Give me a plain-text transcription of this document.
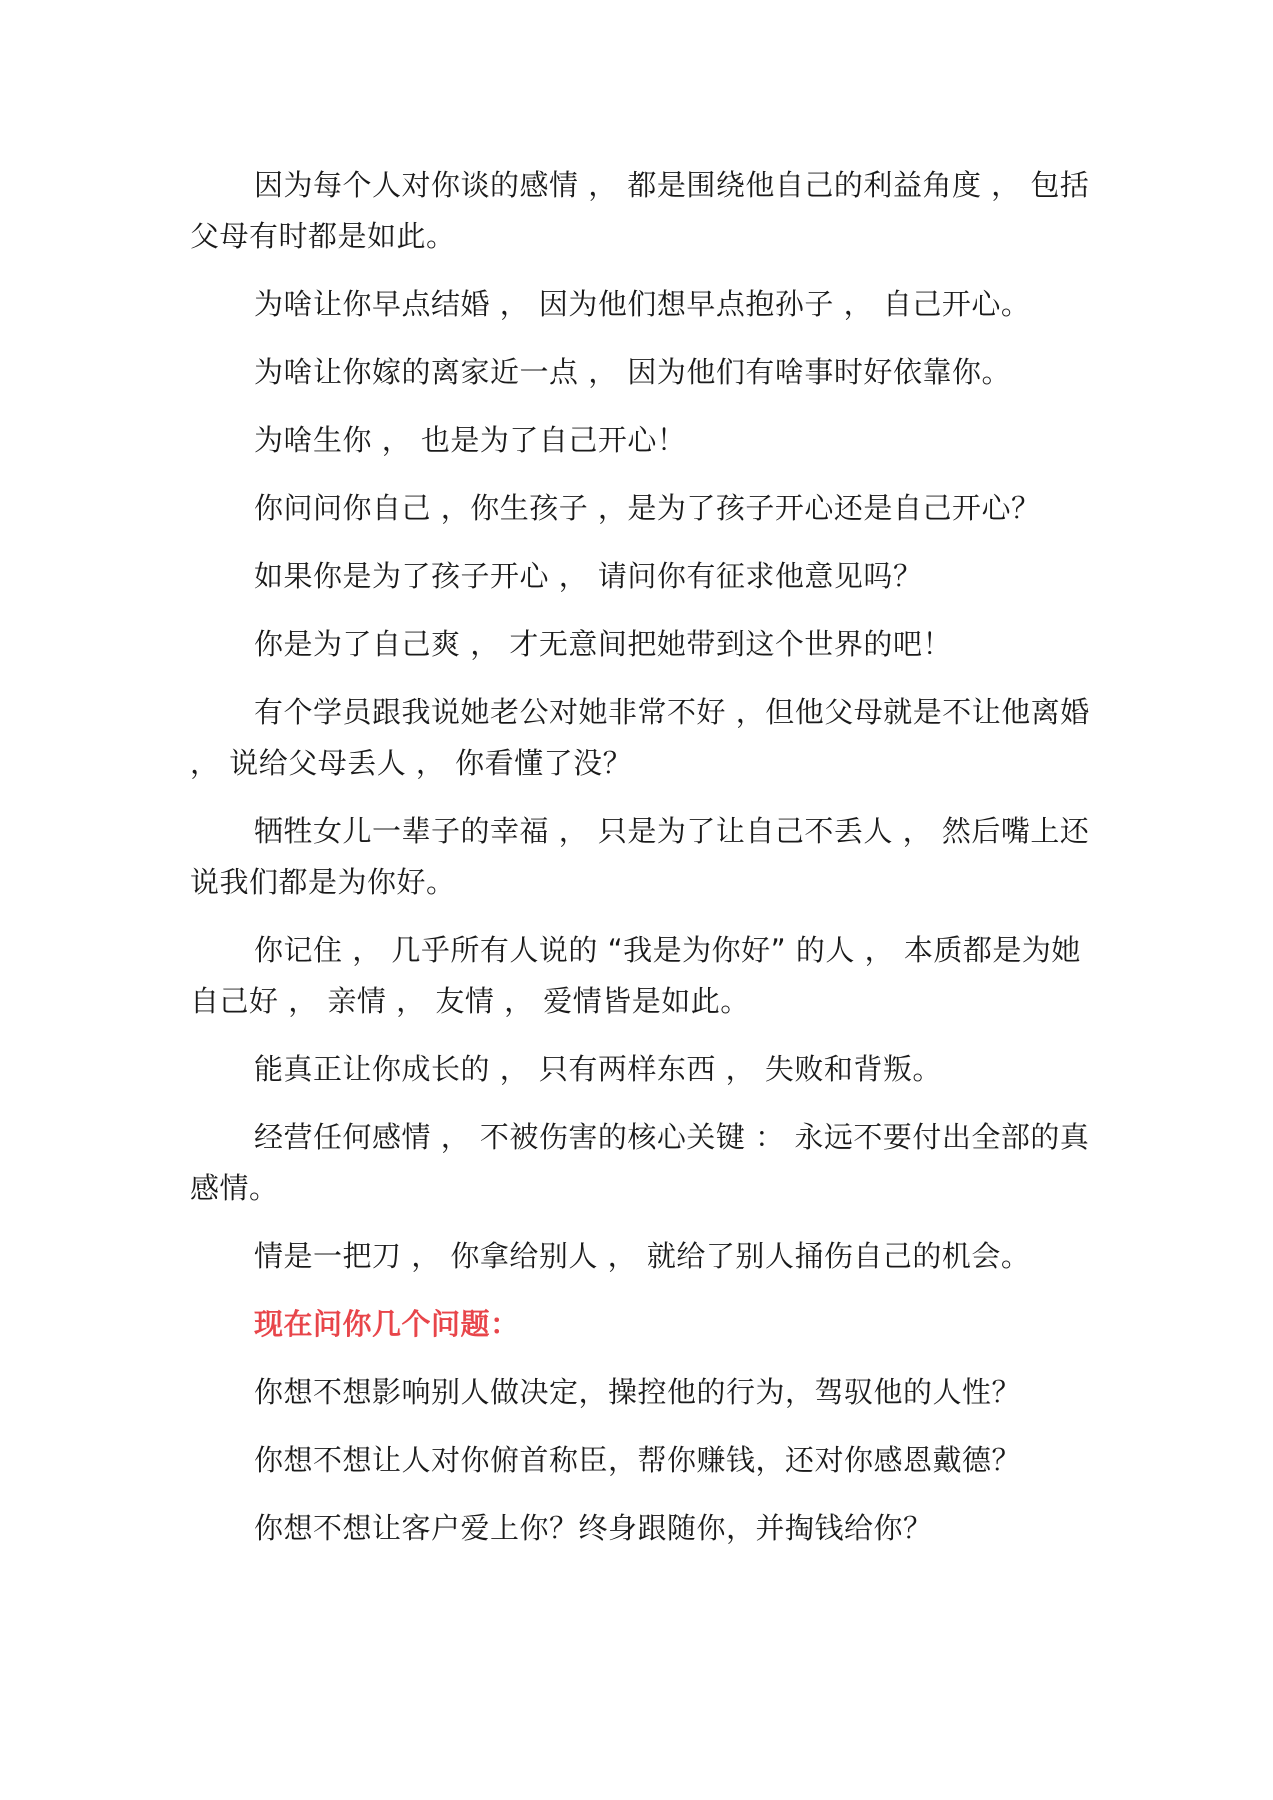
因为每个人对你谈的感情 ， 都是围绕他自己的利益角度 ， 包括父母有时都是如此。

为啥让你早点结婚 ， 因为他们想早点抱孙子 ， 自己开心。

为啥让你嫁的离家近一点 ， 因为他们有啥事时好依靠你。

为啥生你 ， 也是为了自己开心！

你问问你自己 ，你生孩子 ，是为了孩子开心还是自己开心？

如果你是为了孩子开心 ， 请问你有征求他意见吗？

你是为了自己爽 ， 才无意间把她带到这个世界的吧！

有个学员跟我说她老公对她非常不好 ，但他父母就是不让他离婚 ， 说给父母丢人 ， 你看懂了没？

牺牲女儿一辈子的幸福 ， 只是为了让自己不丢人 ， 然后嘴上还说我们都是为你好。

你记住 ， 几乎所有人说的 “我是为你好” 的人 ， 本质都是为她自己好 ， 亲情 ， 友情 ， 爱情皆是如此。

能真正让你成长的 ， 只有两样东西 ， 失败和背叛。

经营任何感情 ， 不被伤害的核心关键 ： 永远不要付出全部的真感情。

情是一把刀 ， 你拿给别人 ， 就给了别人捅伤自己的机会。

现在问你几个问题：

你想不想影响别人做决定，操控他的行为，驾驭他的人性？

你想不想让人对你俯首称臣，帮你赚钱，还对你感恩戴德？

你想不想让客户爱上你？终身跟随你，并掏钱给你？
